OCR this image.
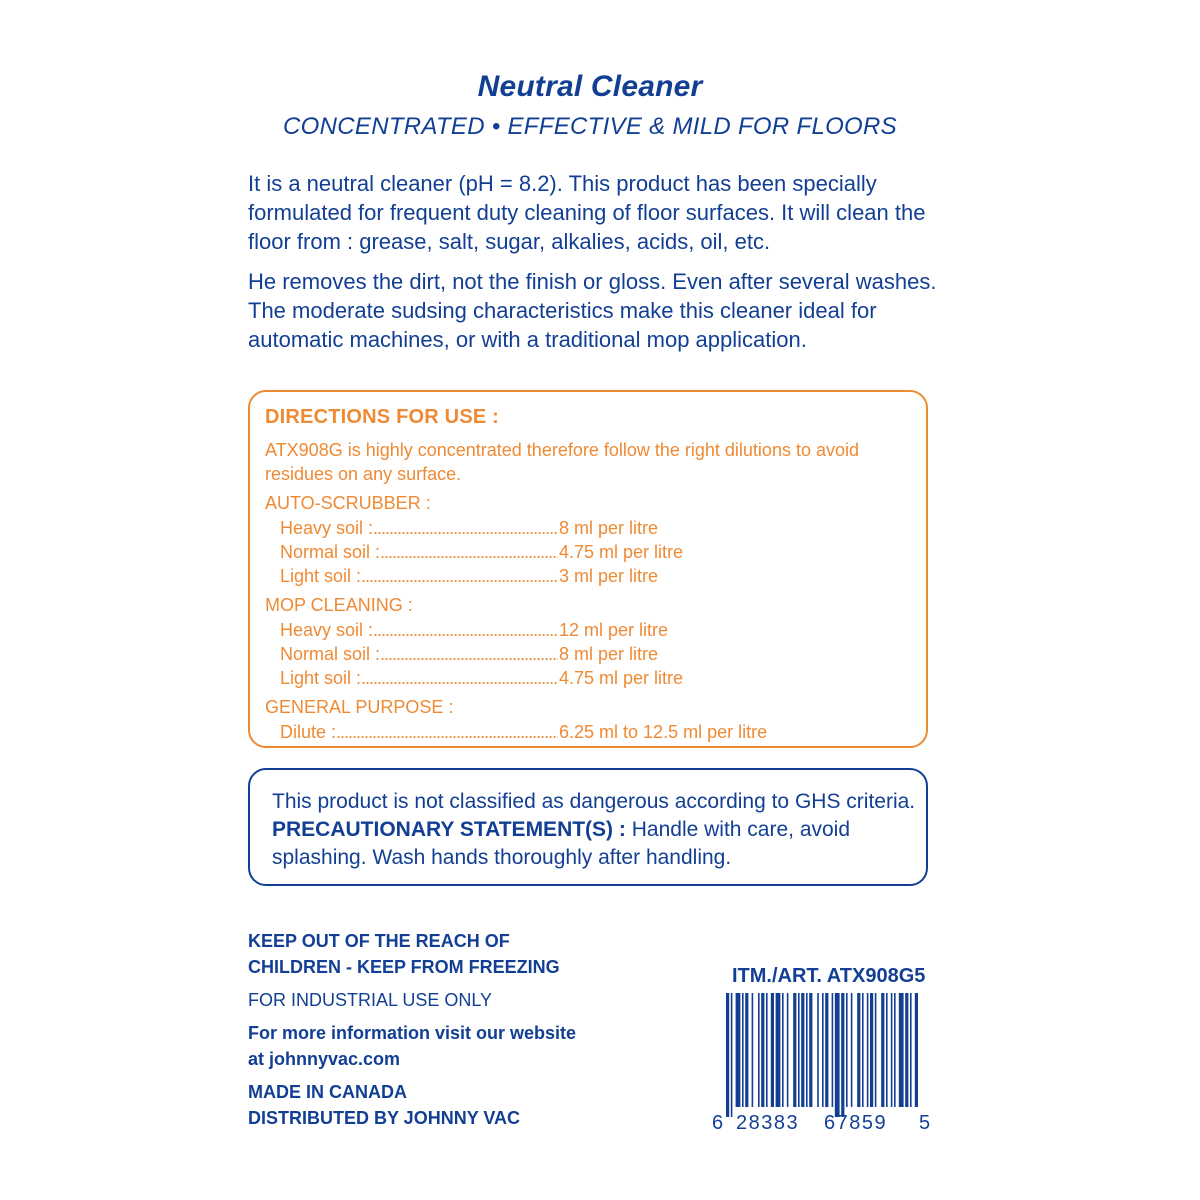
Neutral Cleaner
CONCENTRATED • EFFECTIVE & MILD FOR FLOORS

It is a neutral cleaner (pH = 8.2). This product has been specially formulated for frequent duty cleaning of floor surfaces. It will clean the floor from : grease, salt, sugar, alkalies, acids, oil, etc.

He removes the dirt, not the finish or gloss. Even after several washes. The moderate sudsing characteristics make this cleaner ideal for automatic machines, or with a traditional mop application.

DIRECTIONS FOR USE :

ATX908G is highly concentrated therefore follow the right dilutions to avoid residues on any surface.

AUTO-SCRUBBER :
Heavy soil : .....	8 ml per litre
Normal soil : .....	4.75 ml per litre
Light soil : .....	3 ml per litre
MOP CLEANING :
Heavy soil : .....	12 ml per litre
Normal soil : .....	8 ml per litre
Light soil : .....	4.75 ml per litre
GENERAL PURPOSE :
Dilute : .....	6.25 ml to 12.5 ml per litre

This product is not classified as dangerous according to GHS criteria. PRECAUTIONARY STATEMENT(S) : Handle with care, avoid splashing. Wash hands thoroughly after handling.

KEEP OUT OF THE REACH OF
CHILDREN - KEEP FROM FREEZING
FOR INDUSTRIAL USE ONLY
For more information visit our website
at johnnyvac.com
MADE IN CANADA
DISTRIBUTED BY JOHNNY VAC
ITM./ART. ATX908G5
6 28383 67859 5
